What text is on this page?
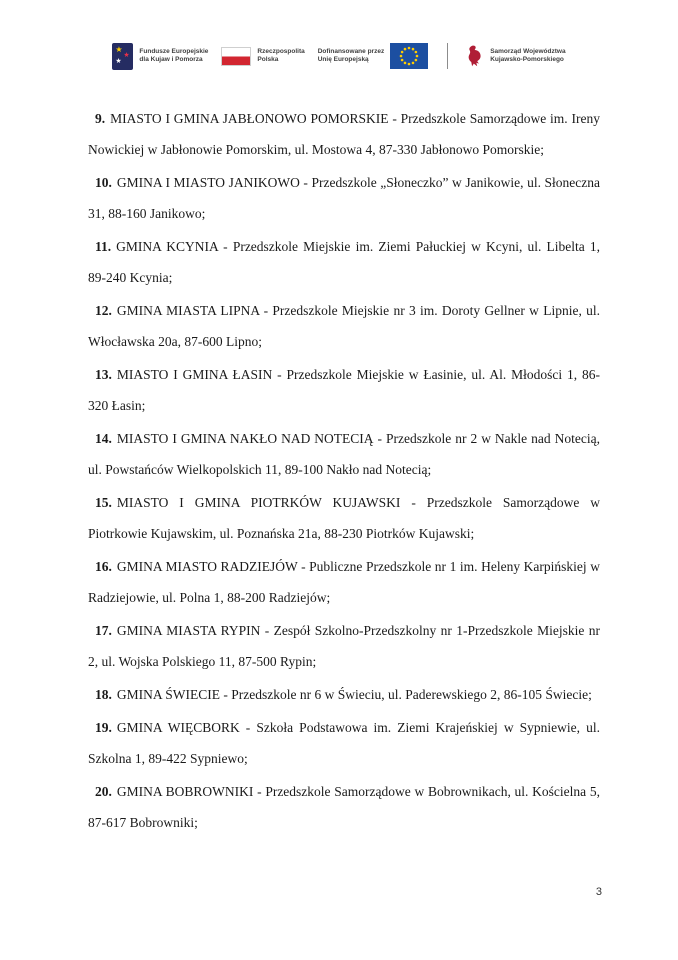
★
★
★
Fundusze Europejskie
dla Kujaw i Pomorza
Rzeczpospolita
Polska
Dofinansowane przez
Unię Europejską
Samorząd Województwa
Kujawsko-Pomorskiego

9. MIASTO I GMINA JABŁONOWO POMORSKIE - Przedszkole Samorządowe im. Ireny Nowickiej w Jabłonowie Pomorskim, ul. Mostowa 4, 87-330 Jabłonowo Pomorskie;

10. GMINA I MIASTO JANIKOWO - Przedszkole „Słoneczko” w Janikowie, ul. Słoneczna 31, 88-160 Janikowo;

11. GMINA KCYNIA - Przedszkole Miejskie im. Ziemi Pałuckiej w Kcyni, ul. Libelta 1, 89-240 Kcynia;

12. GMINA MIASTA LIPNA - Przedszkole Miejskie nr 3 im. Doroty Gellner w Lipnie, ul. Włocławska 20a, 87-600 Lipno;

13. MIASTO I GMINA ŁASIN - Przedszkole Miejskie w Łasinie, ul. Al. Młodości 1, 86-320 Łasin;

14. MIASTO I GMINA NAKŁO NAD NOTECIĄ - Przedszkole nr 2 w Nakle nad Notecią, ul. Powstańców Wielkopolskich 11, 89-100 Nakło nad Notecią;

15. MIASTO I GMINA PIOTRKÓW KUJAWSKI - Przedszkole Samorządowe w Piotrkowie Kujawskim, ul. Poznańska 21a, 88-230 Piotrków Kujawski;

16. GMINA MIASTO RADZIEJÓW - Publiczne Przedszkole nr 1 im. Heleny Karpińskiej w Radziejowie, ul. Polna 1, 88-200 Radziejów;

17. GMINA MIASTA RYPIN - Zespół Szkolno-Przedszkolny nr 1-Przedszkole Miejskie nr 2, ul. Wojska Polskiego 11, 87-500 Rypin;

18. GMINA ŚWIECIE - Przedszkole nr 6 w Świeciu, ul. Paderewskiego 2, 86-105 Świecie;

19. GMINA WIĘCBORK - Szkoła Podstawowa im. Ziemi Krajeńskiej w Sypniewie, ul. Szkolna 1, 89-422 Sypniewo;

20. GMINA BOBROWNIKI - Przedszkole Samorządowe w Bobrownikach, ul. Kościelna 5, 87-617 Bobrowniki;

3
